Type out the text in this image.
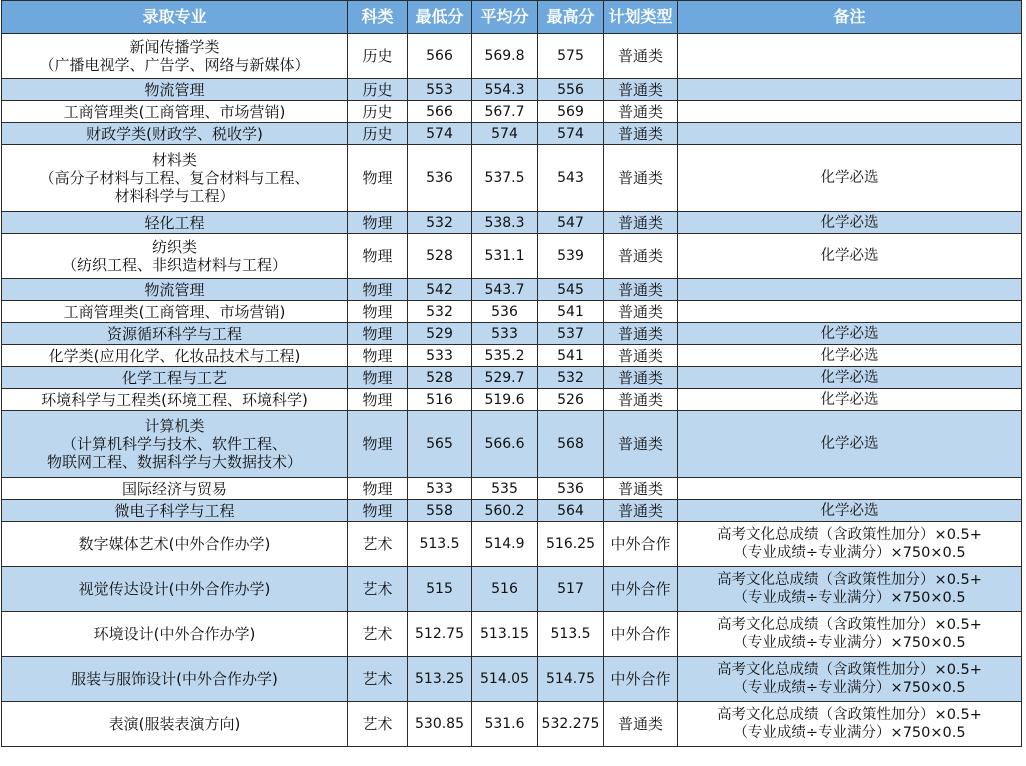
录取专业	科类	最低分	平均分	最高分	计划类型	备注

新闻传播学类
（广播电视学、广告学、网络与新媒体）	历史	566	569.8	575	普通类	

物流管理	历史	553	554.3	556	普通类	

工商管理类(工商管理、市场营销)	历史	566	567.7	569	普通类	

财政学类(财政学、税收学)	历史	574	574	574	普通类	

材料类
（高分子材料与工程、复合材料与工程、
材料科学与工程）	物理	536	537.5	543	普通类	化学必选

轻化工程	物理	532	538.3	547	普通类	化学必选

纺织类
（纺织工程、非织造材料与工程）	物理	528	531.1	539	普通类	化学必选

物流管理	物理	542	543.7	545	普通类	

工商管理类(工商管理、市场营销)	物理	532	536	541	普通类	

资源循环科学与工程	物理	529	533	537	普通类	化学必选

化学类(应用化学、化妆品技术与工程)	物理	533	535.2	541	普通类	化学必选

化学工程与工艺	物理	528	529.7	532	普通类	化学必选

环境科学与工程类(环境工程、环境科学)	物理	516	519.6	526	普通类	化学必选

计算机类
（计算机科学与技术、软件工程、
物联网工程、数据科学与大数据技术）	物理	565	566.6	568	普通类	化学必选

国际经济与贸易	物理	533	535	536	普通类	

微电子科学与工程	物理	558	560.2	564	普通类	化学必选

数字媒体艺术(中外合作办学)	艺术	513.5	514.9	516.25	中外合作	高考文化总成绩（含政策性加分）×0.5+
（专业成绩÷专业满分）×750×0.5

视觉传达设计(中外合作办学)	艺术	515	516	517	中外合作	高考文化总成绩（含政策性加分）×0.5+
（专业成绩÷专业满分）×750×0.5

环境设计(中外合作办学)	艺术	512.75	513.15	513.5	中外合作	高考文化总成绩（含政策性加分）×0.5+
（专业成绩÷专业满分）×750×0.5

服装与服饰设计(中外合作办学)	艺术	513.25	514.05	514.75	中外合作	高考文化总成绩（含政策性加分）×0.5+
（专业成绩÷专业满分）×750×0.5

表演(服装表演方向)	艺术	530.85	531.6	532.275	普通类	高考文化总成绩（含政策性加分）×0.5+
（专业成绩÷专业满分）×750×0.5
